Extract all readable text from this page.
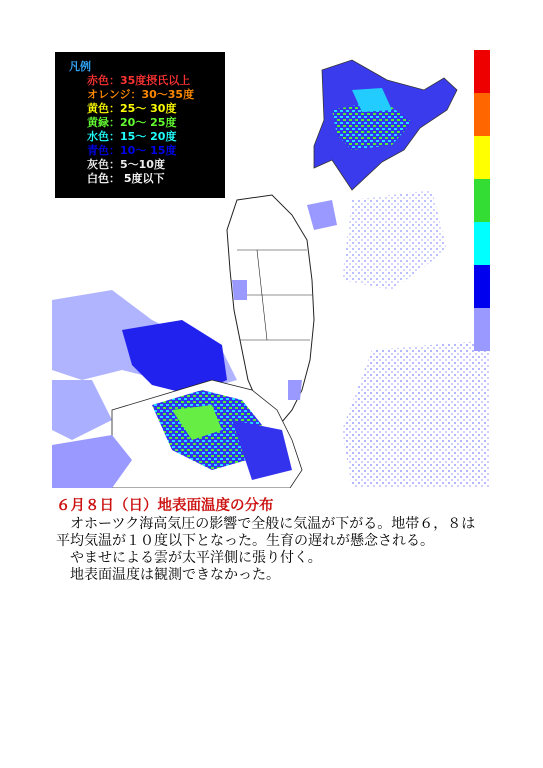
凡例
赤色：35度摂氏以上
オレンジ：30～35度
黄色：25～ 30度
黄緑：20～ 25度
水色：15～ 20度
青色：10～ 15度
灰色：5～10度
白色： 5度以下
６月８日（日）地表面温度の分布

オホーツク海高気圧の影響で全般に気温が下がる。地帯６，８は平均気温が１０度以下となった。生育の遅れが懸念される。

やませによる雲が太平洋側に張り付く。

地表面温度は観測できなかった。
